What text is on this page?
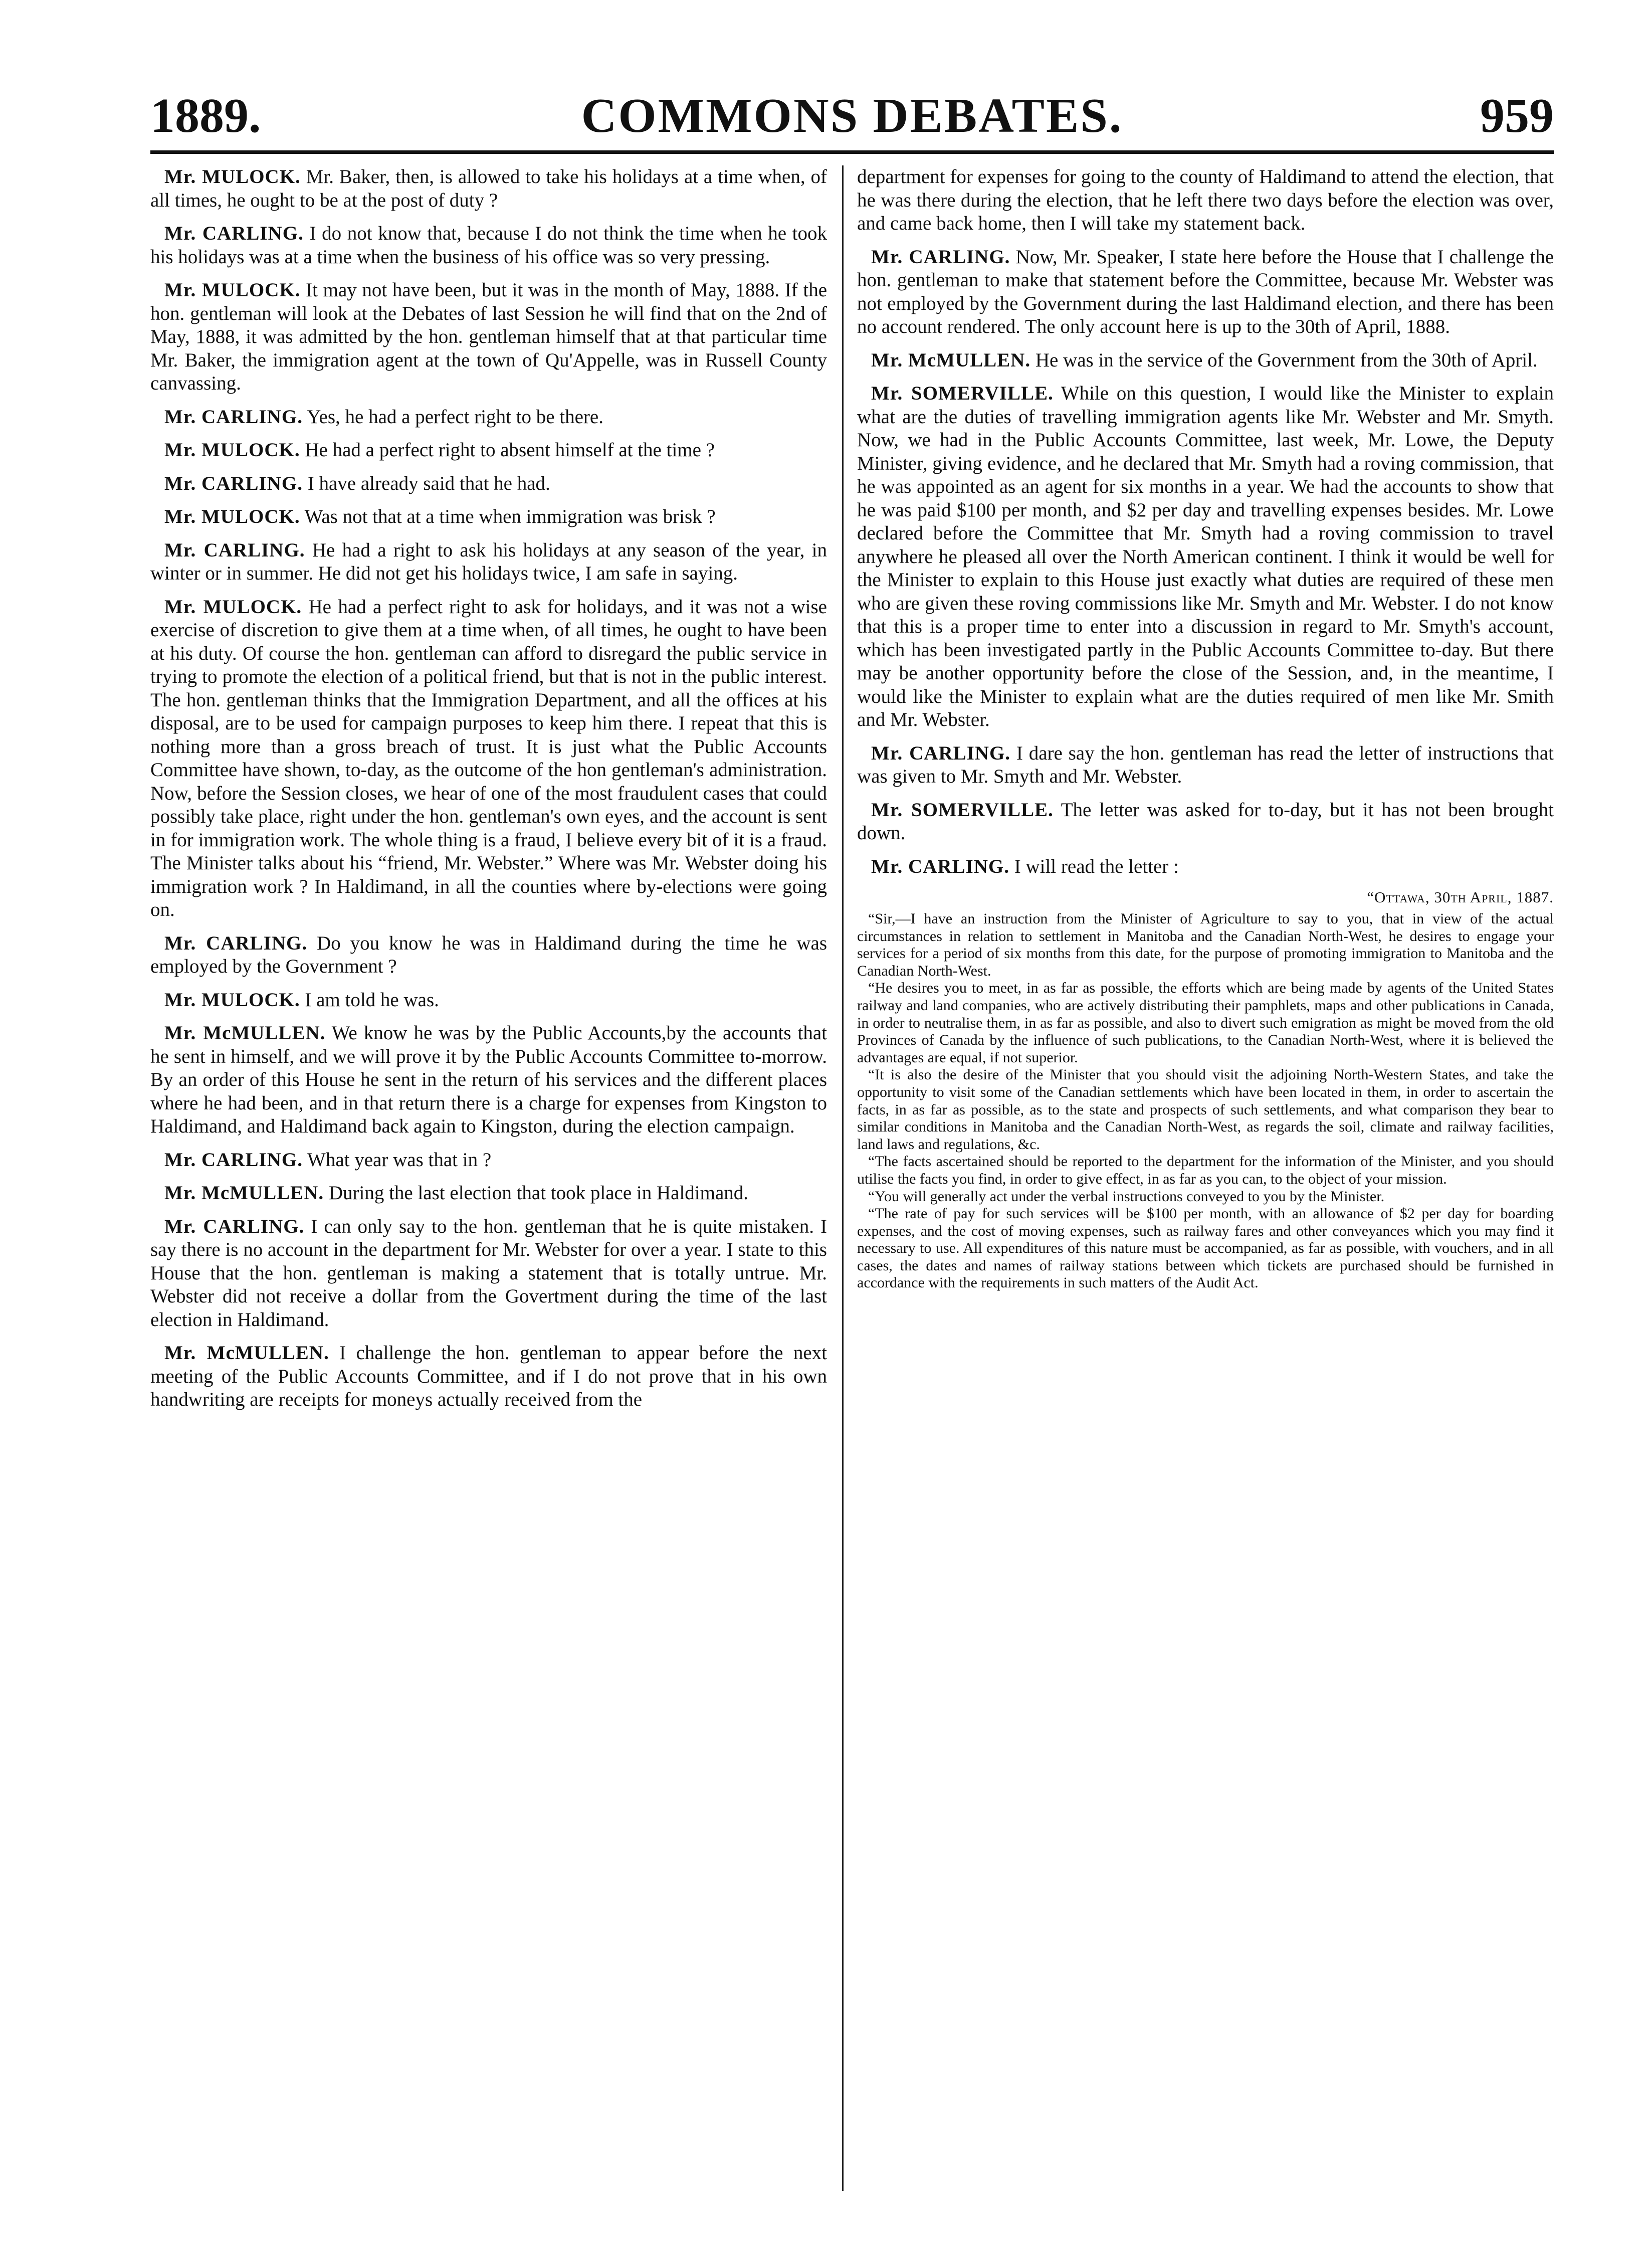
1889.	COMMONS DEBATES.	959

Mr. MULOCK. Mr. Baker, then, is allowed to take his holidays at a time when, of all times, he ought to be at the post of duty ?

Mr. CARLING. I do not know that, because I do not think the time when he took his holidays was at a time when the business of his office was so very pressing.

Mr. MULOCK. It may not have been, but it was in the month of May, 1888. If the hon. gentleman will look at the Debates of last Session he will find that on the 2nd of May, 1888, it was admitted by the hon. gentleman himself that at that particular time Mr. Baker, the immigration agent at the town of Qu'Appelle, was in Russell County canvassing.

Mr. CARLING. Yes, he had a perfect right to be there.

Mr. MULOCK. He had a perfect right to absent himself at the time ?

Mr. CARLING. I have already said that he had.

Mr. MULOCK. Was not that at a time when immigration was brisk ?

Mr. CARLING. He had a right to ask his holidays at any season of the year, in winter or in summer. He did not get his holidays twice, I am safe in saying.

Mr. MULOCK. He had a perfect right to ask for holidays, and it was not a wise exercise of discretion to give them at a time when, of all times, he ought to have been at his duty. Of course the hon. gentleman can afford to disregard the public service in trying to promote the election of a political friend, but that is not in the public interest. The hon. gentleman thinks that the Immigration Department, and all the offices at his disposal, are to be used for campaign purposes to keep him there. I repeat that this is nothing more than a gross breach of trust. It is just what the Public Accounts Committee have shown, to-day, as the outcome of the hon gentleman's administration. Now, before the Session closes, we hear of one of the most fraudulent cases that could possibly take place, right under the hon. gentleman's own eyes, and the account is sent in for immigration work. The whole thing is a fraud, I believe every bit of it is a fraud. The Minister talks about his “friend, Mr. Webster.” Where was Mr. Webster doing his immigration work ? In Haldimand, in all the counties where by-elections were going on.

Mr. CARLING. Do you know he was in Haldimand during the time he was employed by the Government ?

Mr. MULOCK. I am told he was.

Mr. McMULLEN. We know he was by the Public Accounts,by the accounts that he sent in himself, and we will prove it by the Public Accounts Committee to-morrow. By an order of this House he sent in the return of his services and the different places where he had been, and in that return there is a charge for expenses from Kingston to Haldimand, and Haldimand back again to Kingston, during the election campaign.

Mr. CARLING. What year was that in ?

Mr. McMULLEN. During the last election that took place in Haldimand.

Mr. CARLING. I can only say to the hon. gentleman that he is quite mistaken. I say there is no account in the department for Mr. Webster for over a year. I state to this House that the hon. gentleman is making a statement that is totally untrue. Mr. Webster did not receive a dollar from the Govertment during the time of the last election in Haldimand.

Mr. McMULLEN. I challenge the hon. gentleman to appear before the next meeting of the Public Accounts Committee, and if I do not prove that in his own handwriting are receipts for moneys actually received from the

department for expenses for going to the county of Haldimand to attend the election, that he was there during the election, that he left there two days before the election was over, and came back home, then I will take my statement back.

Mr. CARLING. Now, Mr. Speaker, I state here before the House that I challenge the hon. gentleman to make that statement before the Committee, because Mr. Webster was not employed by the Government during the last Haldimand election, and there has been no account rendered. The only account here is up to the 30th of April, 1888.

Mr. McMULLEN. He was in the service of the Government from the 30th of April.

Mr. SOMERVILLE. While on this question, I would like the Minister to explain what are the duties of travelling immigration agents like Mr. Webster and Mr. Smyth. Now, we had in the Public Accounts Committee, last week, Mr. Lowe, the Deputy Minister, giving evidence, and he declared that Mr. Smyth had a roving commission, that he was appointed as an agent for six months in a year. We had the accounts to show that he was paid $100 per month, and $2 per day and travelling expenses besides. Mr. Lowe declared before the Committee that Mr. Smyth had a roving commission to travel anywhere he pleased all over the North American continent. I think it would be well for the Minister to explain to this House just exactly what duties are required of these men who are given these roving commissions like Mr. Smyth and Mr. Webster. I do not know that this is a proper time to enter into a discussion in regard to Mr. Smyth's account, which has been investigated partly in the Public Accounts Committee to-day. But there may be another opportunity before the close of the Session, and, in the meantime, I would like the Minister to explain what are the duties required of men like Mr. Smith and Mr. Webster.

Mr. CARLING. I dare say the hon. gentleman has read the letter of instructions that was given to Mr. Smyth and Mr. Webster.

Mr. SOMERVILLE. The letter was asked for to-day, but it has not been brought down.

Mr. CARLING. I will read the letter :

“Ottawa, 30th April, 1887.

“Sir,—I have an instruction from the Minister of Agriculture to say to you, that in view of the actual circumstances in relation to settlement in Manitoba and the Canadian North-West, he desires to engage your services for a period of six months from this date, for the purpose of promoting immigration to Manitoba and the Canadian North-West.

“He desires you to meet, in as far as possible, the efforts which are being made by agents of the United States railway and land companies, who are actively distributing their pamphlets, maps and other publications in Canada, in order to neutralise them, in as far as possible, and also to divert such emigration as might be moved from the old Provinces of Canada by the influence of such publications, to the Canadian North-West, where it is believed the advantages are equal, if not superior.

“It is also the desire of the Minister that you should visit the adjoining North-Western States, and take the opportunity to visit some of the Canadian settlements which have been located in them, in order to ascertain the facts, in as far as possible, as to the state and prospects of such settlements, and what comparison they bear to similar conditions in Manitoba and the Canadian North-West, as regards the soil, climate and railway facilities, land laws and regulations, &c.

“The facts ascertained should be reported to the department for the information of the Minister, and you should utilise the facts you find, in order to give effect, in as far as you can, to the object of your mission.

“You will generally act under the verbal instructions conveyed to you by the Minister.

“The rate of pay for such services will be $100 per month, with an allowance of $2 per day for boarding expenses, and the cost of moving expenses, such as railway fares and other conveyances which you may find it necessary to use. All expenditures of this nature must be accompanied, as far as possible, with vouchers, and in all cases, the dates and names of railway stations between which tickets are purchased should be furnished in accordance with the requirements in such matters of the Audit Act.
